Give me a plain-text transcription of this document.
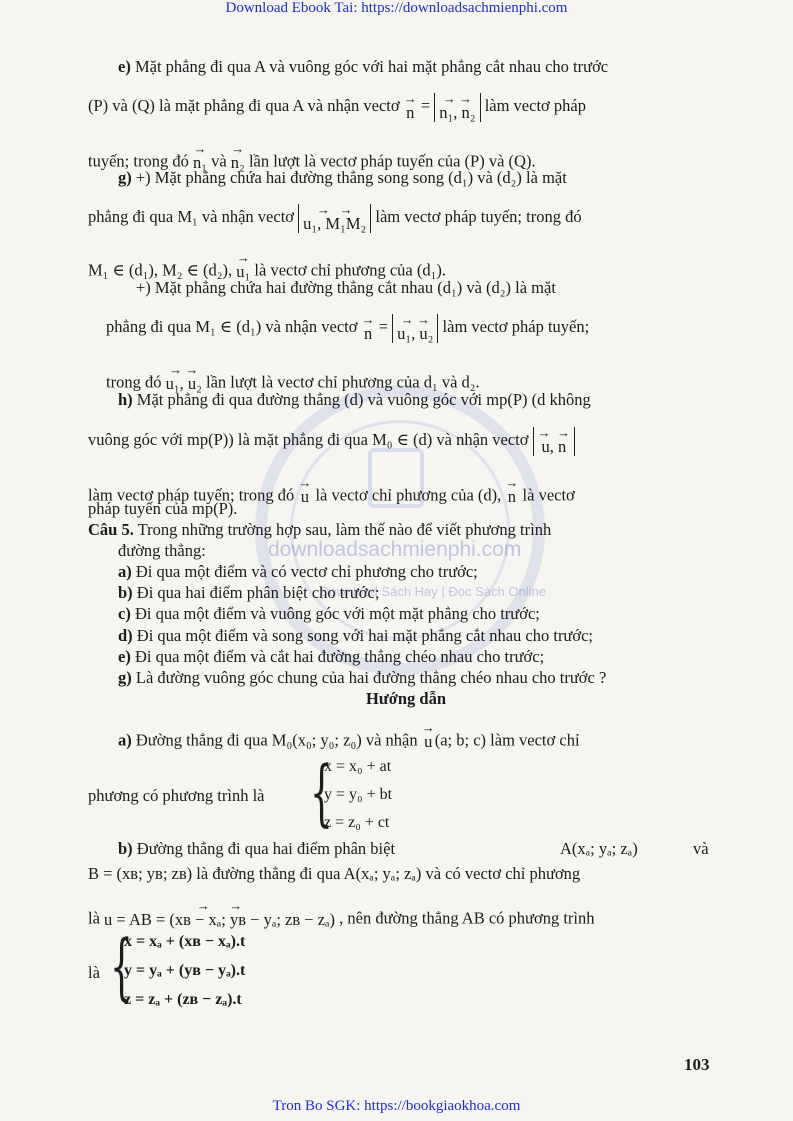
Download Ebook Tai: https://downloadsachmienphi.com
downloadsachmienphi.com
Download Sách Hay | Đọc Sách Online
e) Mặt phẳng đi qua A và vuông góc với hai mặt phẳng cắt nhau cho trước
(P) và (Q) là mặt phẳng đi qua A và nhận vectơ →
n = → →
n₁, n₂ làm vectơ pháp
tuyến; trong đó
→
n₁ và
→
n₂ lần lượt là vectơ pháp tuyến của (P) và (Q).
g) +) Mặt phẳng chứa hai đường thẳng song song (d₁) và (d₂) là mặt
phẳng đi qua M₁ và nhận vectơ	→   →
u₁, M₁M₂ làm vectơ pháp tuyến; trong đó
M₁ ∈ (d₁), M₂ ∈ (d₂),
→
u₁ là vectơ chỉ phương của (d₁).
+) Mặt phẳng chứa hai đường thẳng cắt nhau (d₁) và (d₂) là mặt
phẳng đi qua M₁ ∈ (d₁) và nhận vectơ →
n = → →
u₁, u₂ làm vectơ pháp tuyến;
trong đó
→ →
u₁, u₂ lần lượt là vectơ chỉ phương của d₁ và d₂.
h) Mặt phẳng đi qua đường thẳng (d) và vuông góc với mp(P) (d không
vuông góc với mp(P)) là mặt phẳng đi qua M₀ ∈ (d) và nhận vectơ →  →
u, n
làm vectơ pháp tuyến; trong đó
→
u là vectơ chỉ phương của (d),
→
n là vectơ
pháp tuyến của mp(P).
Câu 5. Trong những trường hợp sau, làm thế nào để viết phương trình
đường thẳng:
a) Đi qua một điểm và có vectơ chỉ phương cho trước;
b) Đi qua hai điểm phân biệt cho trước;
c) Đi qua một điểm và vuông góc với một mặt phẳng cho trước;
d) Đi qua một điểm và song song với hai mặt phẳng cắt nhau cho trước;
e) Đi qua một điểm và cắt hai đường thẳng chéo nhau cho trước;
g) Là đường vuông góc chung của hai đường thẳng chéo nhau cho trước ?
Hướng dẫn
a) Đường thẳng đi qua M₀(x₀; y₀; z₀) và nhận
→
u (a; b; c) làm vectơ chỉ
phương có phương trình là {
x = x₀ + at
y = y₀ + bt
z = z₀ + ct
b) Đường thẳng đi qua hai điểm phân biệt	A(xₐ; yₐ; zₐ)	và
B = (xʙ; yʙ; zʙ) là đường thẳng đi qua A(xₐ; yₐ; zₐ) và có vectơ chỉ phương
là
→      →
u = AB = (xʙ − xₐ; yʙ − yₐ; zʙ − zₐ) , nên đường thẳng AB có phương trình
là {
x = xₐ + (xʙ − xₐ).t
y = yₐ + (yʙ − yₐ).t
z = zₐ + (zʙ − zₐ).t
103
Tron Bo SGK: https://bookgiaokhoa.com
